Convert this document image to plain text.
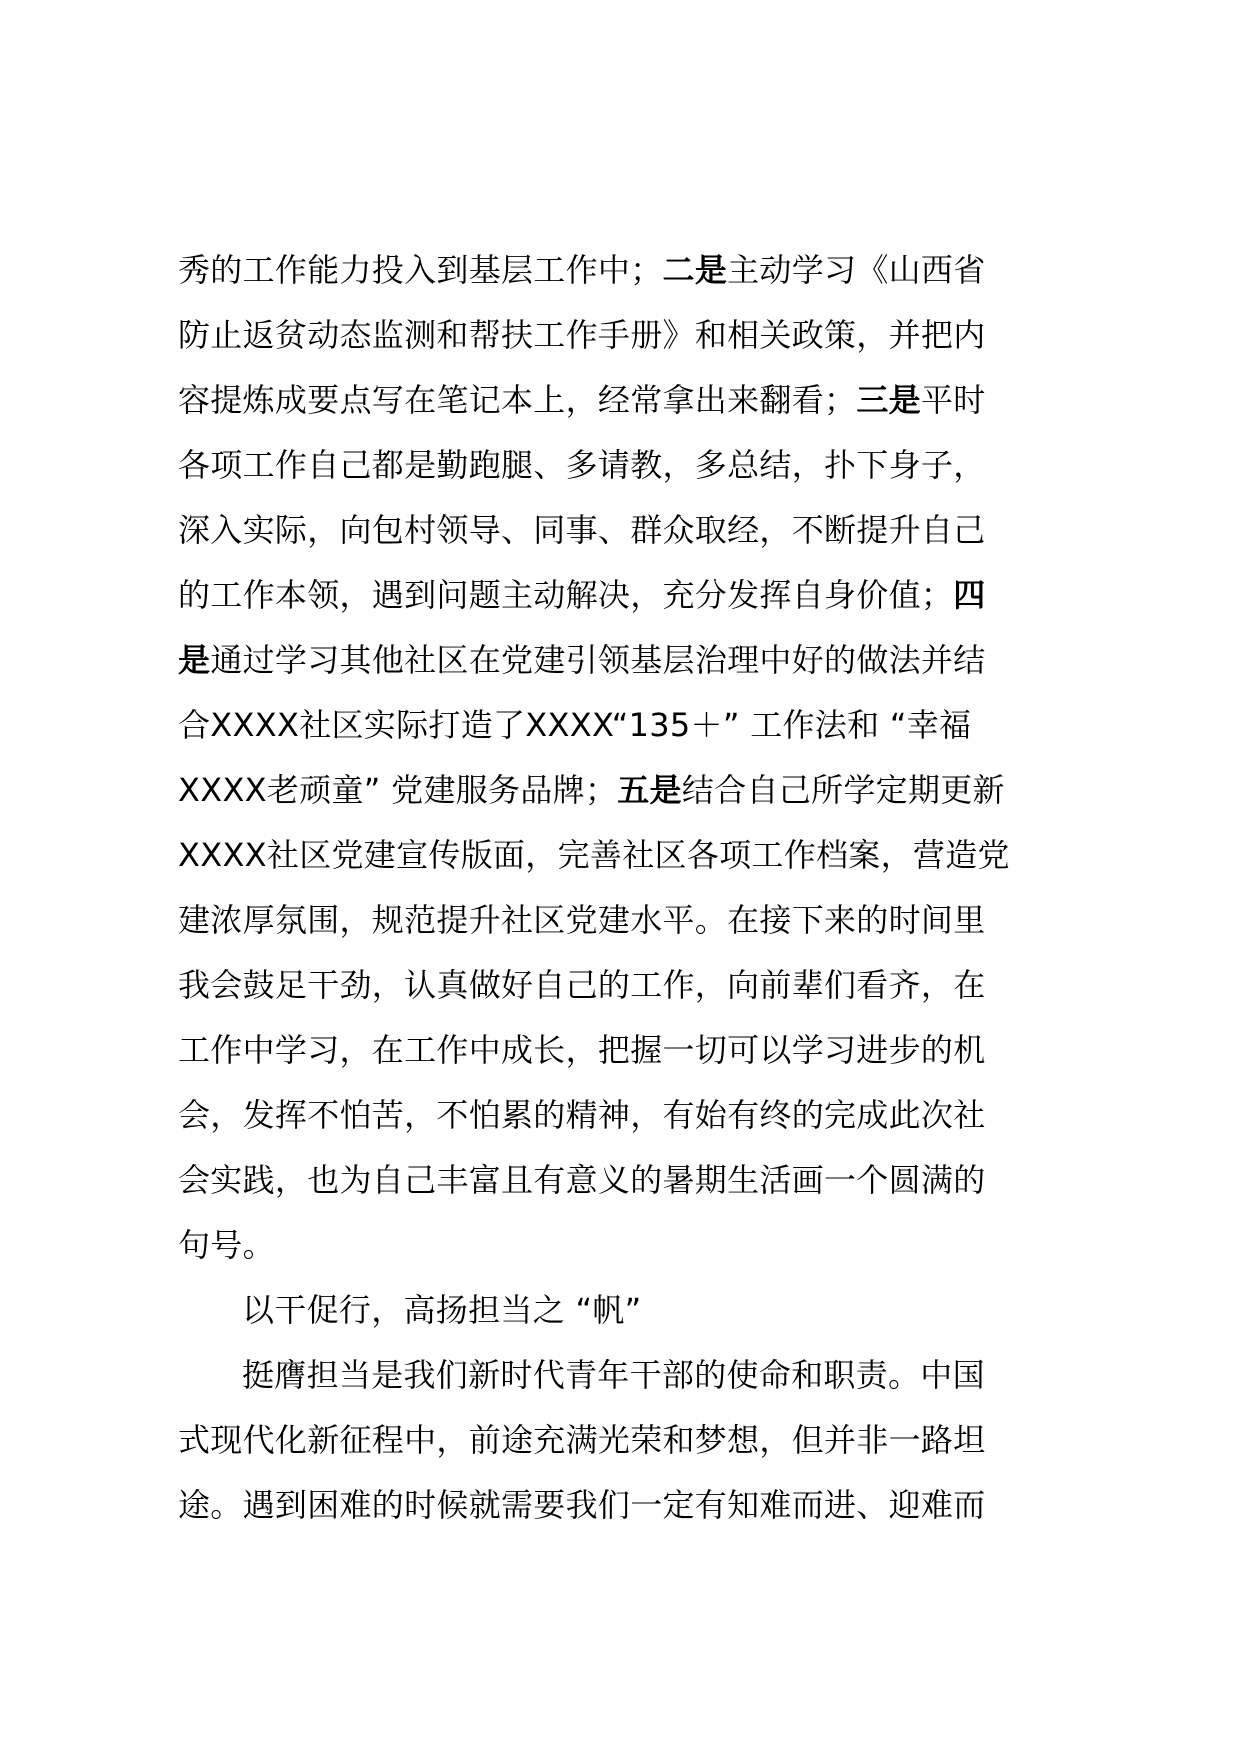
秀的工作能力投入到基层工作中；二是主动学习《山西省
防止返贫动态监测和帮扶工作手册》和相关政策，并把内
容提炼成要点写在笔记本上，经常拿出来翻看；三是平时
各项工作自己都是勤跑腿、多请教，多总结，扑下身子，
深入实际，向包村领导、同事、群众取经，不断提升自己
的工作本领，遇到问题主动解决，充分发挥自身价值；四
是通过学习其他社区在党建引领基层治理中好的做法并结
合XXXX社区实际打造了XXXX“135＋” 工作法和 “幸福
XXXX老顽童” 党建服务品牌；五是结合自己所学定期更新
XXXX社区党建宣传版面，完善社区各项工作档案，营造党
建浓厚氛围，规范提升社区党建水平。在接下来的时间里
我会鼓足干劲，认真做好自己的工作，向前辈们看齐，在
工作中学习，在工作中成长，把握一切可以学习进步的机
会，发挥不怕苦，不怕累的精神，有始有终的完成此次社
会实践，也为自己丰富且有意义的暑期生活画一个圆满的
句号。
以干促行，高扬担当之 “帆”
挺膺担当是我们新时代青年干部的使命和职责。中国
式现代化新征程中，前途充满光荣和梦想，但并非一路坦
途。遇到困难的时候就需要我们一定有知难而进、迎难而
